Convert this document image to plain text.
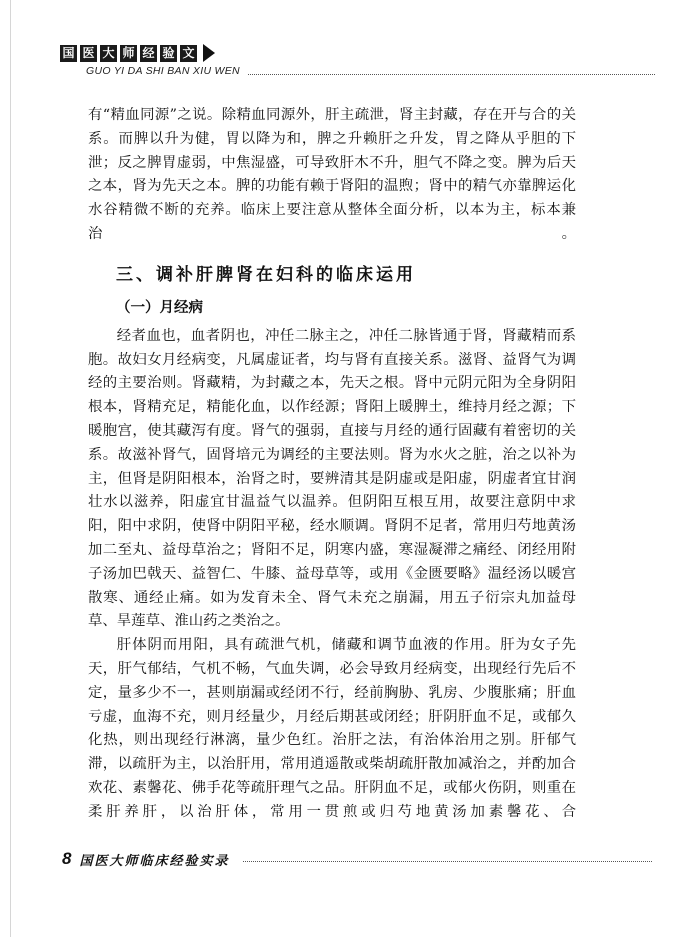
国 医 大 师 经 验 文
GUO YI DA SHI BAN XIU WEN

有“精血同源”之说。除精血同源外，肝主疏泄，肾主封藏，存在开与合的关系。而脾以升为健，胃以降为和，脾之升赖肝之升发，胃之降从乎胆的下泄；反之脾胃虚弱，中焦湿盛，可导致肝木不升，胆气不降之变。脾为后天之本，肾为先天之本。脾的功能有赖于肾阳的温煦；肾中的精气亦靠脾运化水谷精微不断的充养。临床上要注意从整体全面分析，以本为主，标本兼治。

三、调补肝脾肾在妇科的临床运用
（一）月经病

经者血也，血者阴也，冲任二脉主之，冲任二脉皆通于肾，肾藏精而系胞。故妇女月经病变，凡属虚证者，均与肾有直接关系。滋肾、益肾气为调经的主要治则。肾藏精，为封藏之本，先天之根。肾中元阴元阳为全身阴阳根本，肾精充足，精能化血，以作经源；肾阳上暖脾土，维持月经之源；下暖胞宫，使其藏泻有度。肾气的强弱，直接与月经的通行固藏有着密切的关系。故滋补肾气，固肾培元为调经的主要法则。肾为水火之脏，治之以补为主，但肾是阴阳根本，治肾之时，要辨清其是阴虚或是阳虚，阴虚者宜甘润壮水以滋养，阳虚宜甘温益气以温养。但阴阳互根互用，故要注意阴中求阳，阳中求阴，使肾中阴阳平秘，经水顺调。肾阴不足者，常用归芍地黄汤加二至丸、益母草治之；肾阳不足，阴寒内盛，寒湿凝滞之痛经、闭经用附子汤加巴戟天、益智仁、牛膝、益母草等，或用《金匮要略》温经汤以暖宫散寒、通经止痛。如为发育未全、肾气未充之崩漏，用五子衍宗丸加益母草、旱莲草、淮山药之类治之。

肝体阴而用阳，具有疏泄气机，储藏和调节血液的作用。肝为女子先天，肝气郁结，气机不畅，气血失调，必会导致月经病变，出现经行先后不定，量多少不一，甚则崩漏或经闭不行，经前胸胁、乳房、少腹胀痛；肝血亏虚，血海不充，则月经量少，月经后期甚或闭经；肝阴肝血不足，或郁久化热，则出现经行淋漓，量少色红。治肝之法，有治体治用之别。肝郁气滞，以疏肝为主，以治肝用，常用逍遥散或柴胡疏肝散加减治之，并酌加合欢花、素馨花、佛手花等疏肝理气之品。肝阴血不足，或郁火伤阴，则重在柔肝养肝，以治肝体，常用一贯煎或归芍地黄汤加素馨花、合

8 国医大师临床经验实录
